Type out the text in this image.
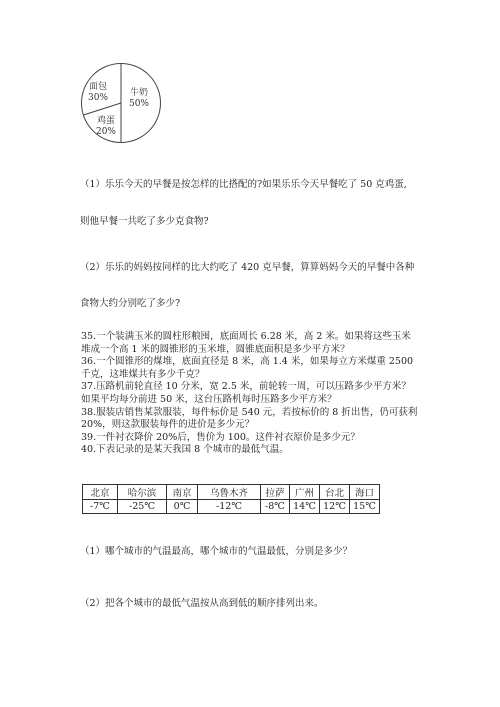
面包
30% 牛奶
50%
鸡蛋
20%
（1）乐乐今天的早餐是按怎样的比搭配的?如果乐乐今天早餐吃了 50 克鸡蛋,
则他早餐一共吃了多少克食物?
（2）乐乐的妈妈按同样的比大约吃了 420 克早餐，算算妈妈今天的早餐中各种
食物大约分别吃了多少?
35.一个装满玉米的圆柱形粮囤，底面周长 6.28 米，高 2 米。如果将这些玉米
堆成一个高 1 米的圆锥形的玉米堆，圆锥底面积是多少平方米？
36.一个圆锥形的煤堆，底面直径是 8 米，高 1.4 米，如果每立方米煤重 2500
千克，这堆煤共有多少千克？
37.压路机前轮直径 10 分米，宽 2.5 米，前轮转一周，可以压路多少平方米？
如果平均每分前进 50 米，这台压路机每时压路多少平方米？
38.服装店销售某款服装，每件标价是 540 元，若按标价的 8 折出售，仍可获利
20%，则这款服装每件的进价是多少元？
39.一件衬衣降价 20%后，售价为 100。这件衬衣原价是多少元？
40.下表记录的是某天我国 8 个城市的最低气温。
北京	哈尔滨	南京	乌鲁木齐	拉萨	广州	台北	海口
-7℃	-25℃	0℃	-12℃	-8℃	14℃	12℃	15℃
（1）哪个城市的气温最高，哪个城市的气温最低，分别是多少？
（2）把各个城市的最低气温按从高到低的顺序排列出来。
